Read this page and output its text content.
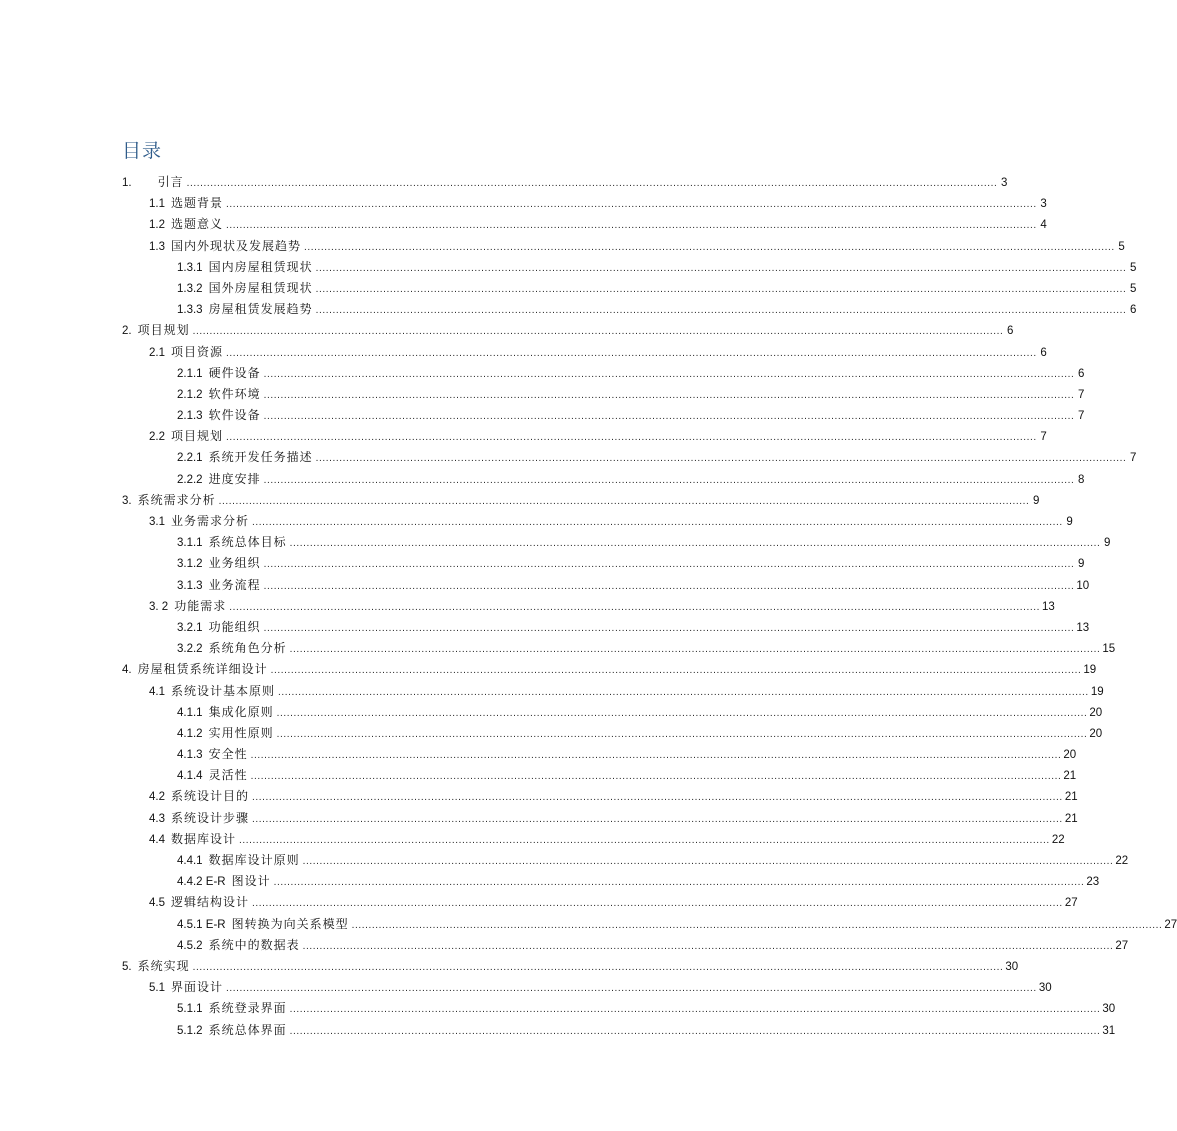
目录
1. 引言 ................................................................................................................................................................................................................................................ 3
1.1 选题背景 ................................................................................................................................................................................................................................................ 3
1.2 选题意义 ................................................................................................................................................................................................................................................ 4
1.3 国内外现状及发展趋势 ................................................................................................................................................................................................................................................ 5
1.3.1 国内房屋租赁现状 ................................................................................................................................................................................................................................................ 5
1.3.2 国外房屋租赁现状 ................................................................................................................................................................................................................................................ 5
1.3.3 房屋租赁发展趋势 ................................................................................................................................................................................................................................................ 6
2. 项目规划 ................................................................................................................................................................................................................................................ 6
2.1 项目资源 ................................................................................................................................................................................................................................................ 6
2.1.1 硬件设备 ................................................................................................................................................................................................................................................ 6
2.1.2 软件环境 ................................................................................................................................................................................................................................................ 7
2.1.3 软件设备 ................................................................................................................................................................................................................................................ 7
2.2 项目规划 ................................................................................................................................................................................................................................................ 7
2.2.1 系统开发任务描述 ................................................................................................................................................................................................................................................ 7
2.2.2 进度安排 ................................................................................................................................................................................................................................................ 8
3. 系统需求分析 ................................................................................................................................................................................................................................................ 9
3.1 业务需求分析 ................................................................................................................................................................................................................................................ 9
3.1.1 系统总体目标 ................................................................................................................................................................................................................................................ 9
3.1.2 业务组织 ................................................................................................................................................................................................................................................ 9
3.1.3 业务流程 ................................................................................................................................................................................................................................................ 10
3. 2 功能需求 ................................................................................................................................................................................................................................................ 13
3.2.1 功能组织 ................................................................................................................................................................................................................................................ 13
3.2.2 系统角色分析 ................................................................................................................................................................................................................................................ 15
4. 房屋租赁系统详细设计 ................................................................................................................................................................................................................................................ 19
4.1 系统设计基本原则 ................................................................................................................................................................................................................................................ 19
4.1.1 集成化原则 ................................................................................................................................................................................................................................................ 20
4.1.2 实用性原则 ................................................................................................................................................................................................................................................ 20
4.1.3 安全性 ................................................................................................................................................................................................................................................ 20
4.1.4 灵活性 ................................................................................................................................................................................................................................................ 21
4.2 系统设计目的 ................................................................................................................................................................................................................................................ 21
4.3 系统设计步骤 ................................................................................................................................................................................................................................................ 21
4.4 数据库设计 ................................................................................................................................................................................................................................................ 22
4.4.1 数据库设计原则 ................................................................................................................................................................................................................................................ 22
4.4.2 E-R 图设计 ................................................................................................................................................................................................................................................ 23
4.5 逻辑结构设计 ................................................................................................................................................................................................................................................ 27
4.5.1 E-R 图转换为向关系模型 ................................................................................................................................................................................................................................................ 27
4.5.2 系统中的数据表 ................................................................................................................................................................................................................................................ 27
5. 系统实现 ................................................................................................................................................................................................................................................ 30
5.1 界面设计 ................................................................................................................................................................................................................................................ 30
5.1.1 系统登录界面 ................................................................................................................................................................................................................................................ 30
5.1.2 系统总体界面 ................................................................................................................................................................................................................................................ 31
